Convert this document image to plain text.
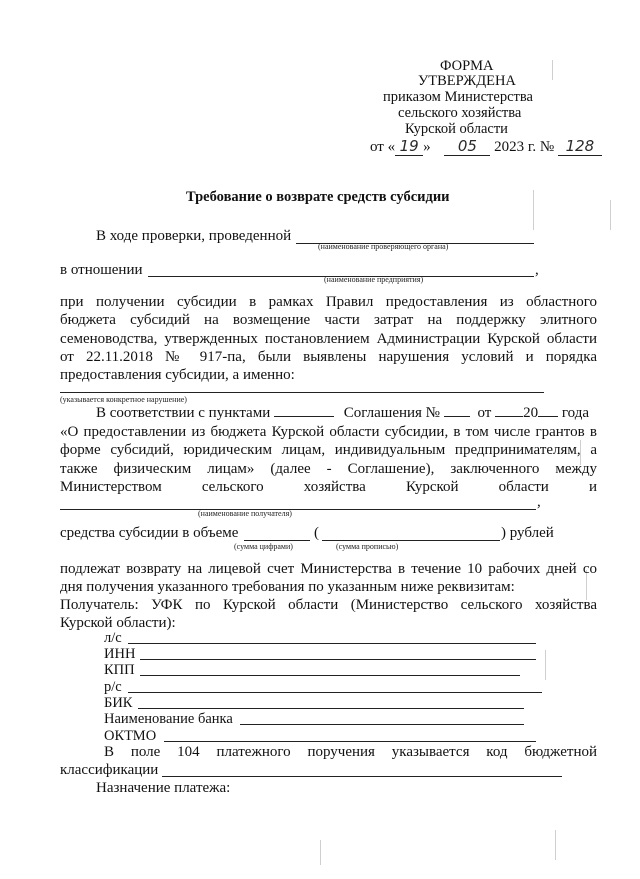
ФОРМА
УТВЕРЖДЕНА
приказом Министерства
сельского хозяйства
Курской области
от « 19 » 05 2023 г. № 128
Требование о возврате средств субсидии
В ходе проверки, проведенной
(наименование проверяющего органа)
в отношении	,
(наименование предприятия)
при получении субсидии в рамках Правил предоставления из областного
бюджета субсидий на возмещение части затрат на поддержку элитного
семеноводства, утвержденных постановлением Администрации Курской области
от 22.11.2018 № 917-па, были выявлены нарушения условий и порядка
предоставления субсидии, а именно:
(указывается конкретное нарушение)
В соответствии с пунктами	Соглашения №	от 20 года
«О предоставлении из бюджета Курской области субсидии, в том числе грантов в
форме субсидий, юридическим лицам, индивидуальным предпринимателям, а
также физическим лицам» (далее - Соглашение), заключенного между
Министерством сельского хозяйства Курской области и
,
(наименование получателя)
средства субсидии в объеме	(	) рублей
(сумма цифрами)	(сумма прописью)
подлежат возврату на лицевой счет Министерства в течение 10 рабочих дней со
дня получения указанного требования по указанным ниже реквизитам:
Получатель: УФК по Курской области (Министерство сельского хозяйства
Курской области):
л/с
ИНН
КПП
р/с
БИК
Наименование банка
ОКТМО
В поле 104 платежного поручения указывается код бюджетной
классификации
Назначение платежа:
